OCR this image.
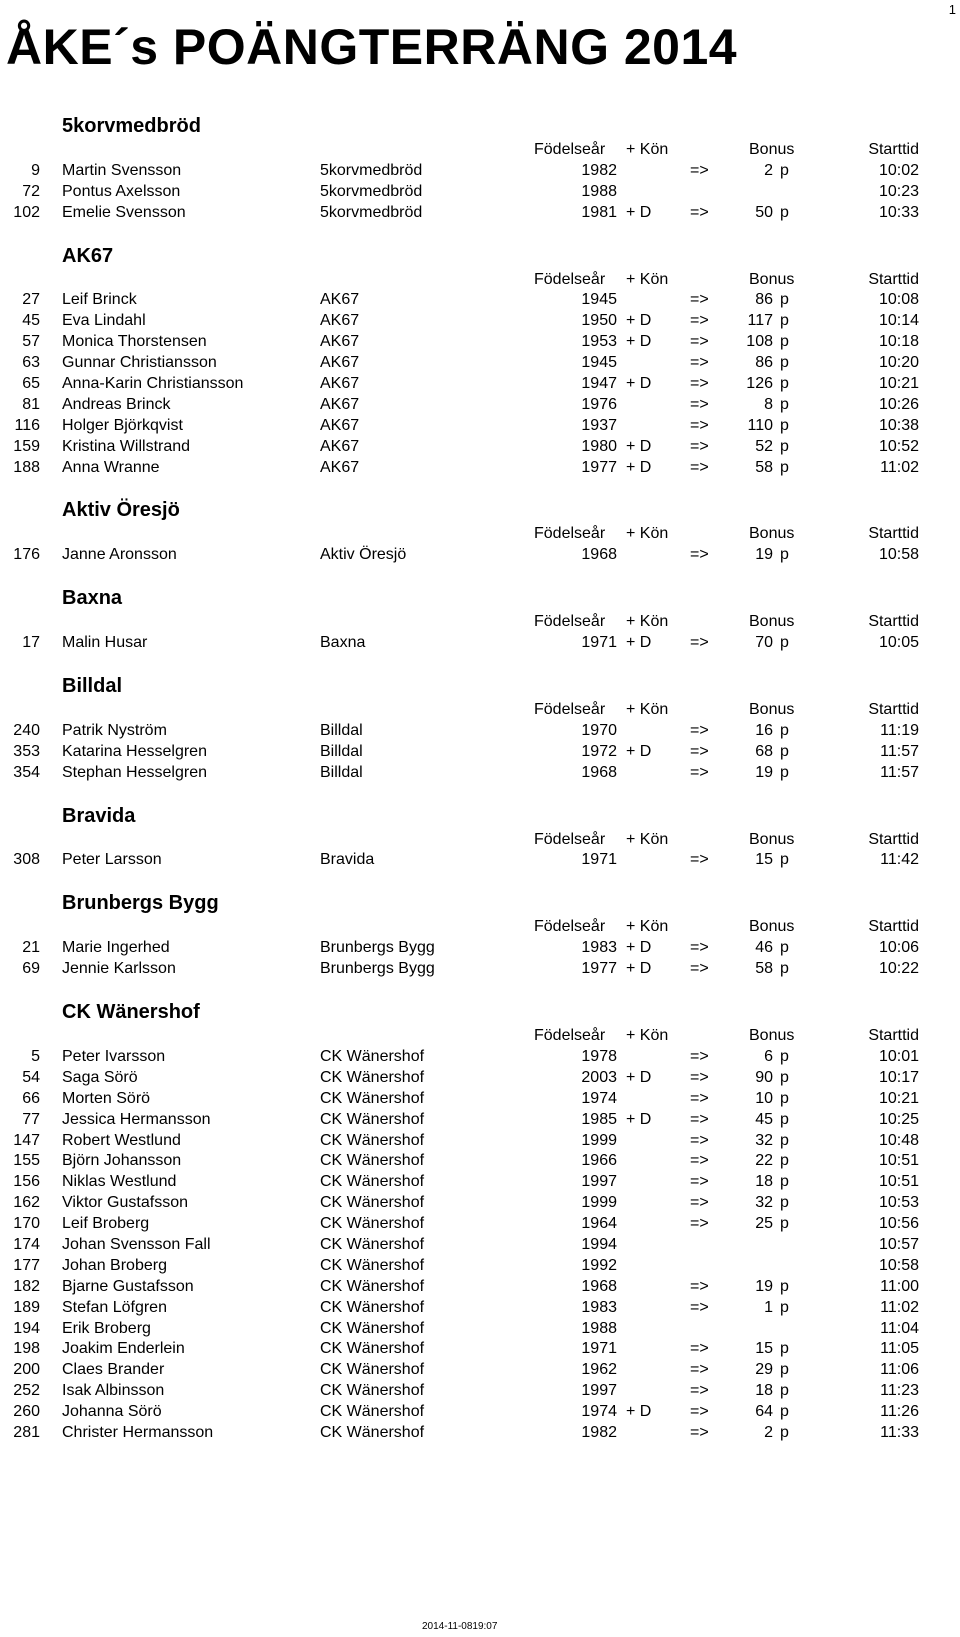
1
ÅKE´s POÄNGTERRÄNG 2014
5korvmedbröd
Födelseår + Kön	Bonus	Starttid
9 Martin Svensson	5korvmedbröd	1982	=>	2 p	10:02
72 Pontus Axelsson	5korvmedbröd	1988	10:23
102 Emelie Svensson	5korvmedbröd	1981 + D =>	50 p	10:33
AK67
Födelseår + Kön	Bonus	Starttid
27 Leif Brinck	AK67	1945	=>	86 p	10:08
45 Eva Lindahl	AK67	1950 + D => 117 p	10:14
57 Monica Thorstensen	AK67	1953 + D => 108 p	10:18
63 Gunnar Christiansson	AK67	1945	=>	86 p	10:20
65 Anna-Karin Christiansson	AK67	1947 + D => 126 p	10:21
81 Andreas Brinck	AK67	1976	=>	8 p	10:26
116 Holger Björkqvist	AK67	1937	=> 110 p	10:38
159 Kristina Willstrand	AK67	1980 + D =>	52 p	10:52
188 Anna Wranne	AK67	1977 + D =>	58 p	11:02
Aktiv Öresjö
Födelseår + Kön	Bonus	Starttid
176 Janne Aronsson	Aktiv Öresjö	1968	=>	19 p	10:58
Baxna
Födelseår + Kön	Bonus	Starttid
17 Malin Husar	Baxna	1971 + D =>	70 p	10:05
Billdal
Födelseår + Kön	Bonus	Starttid
240 Patrik Nyström	Billdal	1970	=>	16 p	11:19
353 Katarina Hesselgren	Billdal	1972 + D =>	68 p	11:57
354 Stephan Hesselgren	Billdal	1968	=>	19 p	11:57
Bravida
Födelseår + Kön	Bonus	Starttid
308 Peter Larsson	Bravida	1971	=>	15 p	11:42
Brunbergs Bygg
Födelseår + Kön	Bonus	Starttid
21 Marie Ingerhed	Brunbergs Bygg	1983 + D =>	46 p	10:06
69 Jennie Karlsson	Brunbergs Bygg	1977 + D =>	58 p	10:22
CK Wänershof
Födelseår + Kön	Bonus	Starttid
5 Peter Ivarsson	CK Wänershof	1978	=>	6 p	10:01
54 Saga Sörö	CK Wänershof	2003 + D =>	90 p	10:17
66 Morten Sörö	CK Wänershof	1974	=>	10 p	10:21
77 Jessica Hermansson	CK Wänershof	1985 + D =>	45 p	10:25
147 Robert Westlund	CK Wänershof	1999	=>	32 p	10:48
155 Björn Johansson	CK Wänershof	1966	=>	22 p	10:51
156 Niklas Westlund	CK Wänershof	1997	=>	18 p	10:51
162 Viktor Gustafsson	CK Wänershof	1999	=>	32 p	10:53
170 Leif Broberg	CK Wänershof	1964	=>	25 p	10:56
174 Johan Svensson Fall	CK Wänershof	1994	10:57
177 Johan Broberg	CK Wänershof	1992	10:58
182 Bjarne Gustafsson	CK Wänershof	1968	=>	19 p	11:00
189 Stefan Löfgren	CK Wänershof	1983	=>	1 p	11:02
194 Erik Broberg	CK Wänershof	1988	11:04
198 Joakim Enderlein	CK Wänershof	1971	=>	15 p	11:05
200 Claes Brander	CK Wänershof	1962	=>	29 p	11:06
252 Isak Albinsson	CK Wänershof	1997	=>	18 p	11:23
260 Johanna Sörö	CK Wänershof	1974 + D =>	64 p	11:26
281 Christer Hermansson	CK Wänershof	1982	=>	2 p	11:33
2014-11-0819:07
